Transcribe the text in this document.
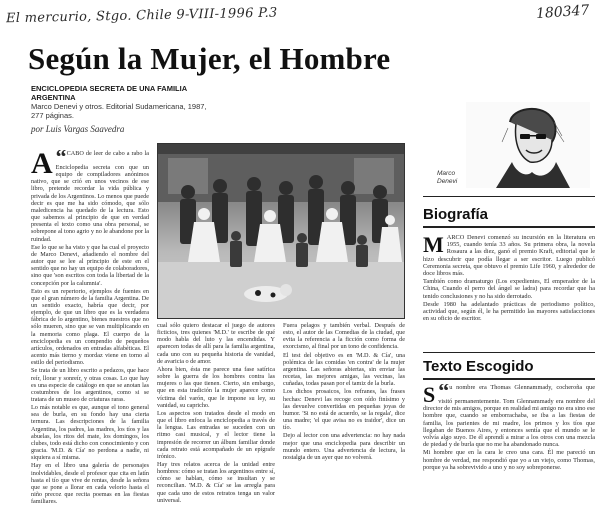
El mercurio, Stgo. Chile 9-VIII-1996 P.3	180347
Según la Mujer, el Hombre
ENCICLOPEDIA SECRETA DE UNA FAMILIA ARGENTINA
Marco Denevi y otros. Editorial Sudamericana, 1987, 277 páginas.
por Luis Vargas Saavedra

“
A CABO de leer de cabo a rabo la Enciclopedia secreta con que un equipo de compiladores anónimos nativo, que se crió en unos vecinos de ese libro, pretende recordar la vida pública y privada de los Argentinos. Lo menos que puede decir es que me ha sido cómodo, que sólo maledicencia ha quedado de la lectura. Esto que sabemos al principio de que en verdad presenta el texto como una obra personal, se sobrepone al tono agrio y no le abandone por la ruindad.

Ese lo que se ha visto y que ha cual el proyecto de Marco Denevi, añadiendo el nombre del autor que se lee al principio de este en el sentido que no hay un equipo de colaboradores, sino que 'son escritos con toda la libertad de la concepción por la calumnia'.

Esto es un repertorio, ejemplos de fuentes en que el gran número de la familia Argentina. De un sentido exacto, habría que decir, por ejemplo, de que un libro que es la verdadera fábrica de lo argentino, bienes nuestros que no sólo mueren, sino que se van multiplicando en la memoria como plaga. El cuerpo de la enciclopedia es un compendio de pequeños artículos, ordenados en entradas alfabéticas. El acento más tierno y mordaz viene en torno al estilo del periodismo.

Se trata de un libro escrito a pedazos, que hace reír, llorar y sonreír, y otras cosas. Lo que hay es una especie de catálogo en que se anotan las costumbres de los argentinos, como si se tratara de un museo de criaturas raras.

Lo más notable es que, aunque el tono general sea de burla, en su fondo hay una cierta ternura. Las descripciones de la familia Argentina, los padres, las madres, los tíos y las abuelas, los ritos del mate, los domingos, los clubes, todo está dicho con conocimiento y con gracia. 'M.D. & Cía' no perdona a nadie, ni siquiera a sí misma.

Hay en el libro una galería de personajes inolvidables, desde el profesor que cita en latín hasta el tío que vive de rentas, desde la señora que se pone a llorar en cada velorio hasta el niño precoz que recita poemas en las fiestas familiares.

cual sólo quiero destacar el juego de autores ficticios, tres quienes 'M.D.' te escribe de qué modo habla del luto y las encendidas. Y aparecen todas de allí para la familia argentina, cada uno con su pequeña historia de vanidad, de avaricia o de amor.

Ahora bien, ésta me parece una fase satírica sobre la guerra de los hombres contra las mujeres o las que tienen. Cierto, sin embargo, que en esta tradición la mujer aparece como víctima del varón, que le impone su ley, su vanidad, su capricho.

Los aspectos son tratados desde el modo en que el libro enfoca la enciclopedia a través de la lengua. Las entradas se suceden con un ritmo casi musical, y el lector tiene la impresión de recorrer un álbum familiar donde cada retrato está acompañado de un epígrafe irónico.

Hay tres relatos acerca de la unidad entre hombres: cómo se tratan los argentinos entre sí, cómo se hablan, cómo se insultan y se reconcilian. 'M.D. & Cía' se las arregla para que cada uno de estos retratos tenga un valor universal.

Fuera pelagos y también verbal. Después de esto, el autor de las Comedias de la ciudad, que evita la referencia a la ficción como forma de exorcismo, al final por un tono de confidencia.

El test del objetivo es en 'M.D. & Cía', una polémica de las comidas 'en contra' de la mujer argentina. Las señoras abiertas, sin enviar las recetas, las mejores amigas, las vecinas, las cuñadas, todas pasan por el tamiz de la burla.

Los dichos prosaicos, los refranes, las frases hechas: Denevi las recoge con oído finísimo y las devuelve convertidas en pequeñas joyas de humor. 'Si no está de acuerdo, se la regala', dice una madre; 'el que avisa no es traidor', dice un tío.

Dejo al lector con una advertencia: no hay nada mejor que una enciclopedia para describir un mundo entero. Una advertencia de lectura, la nostalgia de un ayer que no volverá.

Marco Denevi
Biografía

MARCO Denevi comenzó su incursión en la literatura en 1955, cuando tenía 33 años. Su primera obra, la novela Rosaura a las diez, ganó el premio Kraft, editorial que le hizo descubrir que podía llegar a ser escritor. Luego publicó Ceremonia secreta, que obtuvo el premio Life 1960, y alrededor de doce libros más.

También como dramaturgo (Los expedientes, El emperador de la China, Cuando el perro del ángel se ladra) para recordar que ha tenido conclusiones y no ha sido derrotado.

Desde 1980 ha adelantado prácticas de periodismo político, actividad que, según él, le ha permitido las mayores satisfacciones en su oficio de escritor.

Texto Escogido

“
S u nombre era Thomas Glennammady, cocheroña que visitó permanentemente. Tom Glennammady era nombre del director de mis amigos, porque en realidad mi amigo no era sino ese hombre que, cuando se emborrachaba, se iba a las fiestas de familia, los parientes de mi madre, los primos y los tíos que llegaban de Buenos Aires, y entonces sentía que el mundo se le volvía algo suyo. De él aprendí a mirar a los otros con una mezcla de piedad y de burla que no me ha abandonado nunca.

Mi hombre que en la cara le creo una cara. Él me pareció un hombre de verdad, me respondió que yo a un viejo, como Thomas, porque ya ha sobrevivido a uno y no soy sobreponerse.
